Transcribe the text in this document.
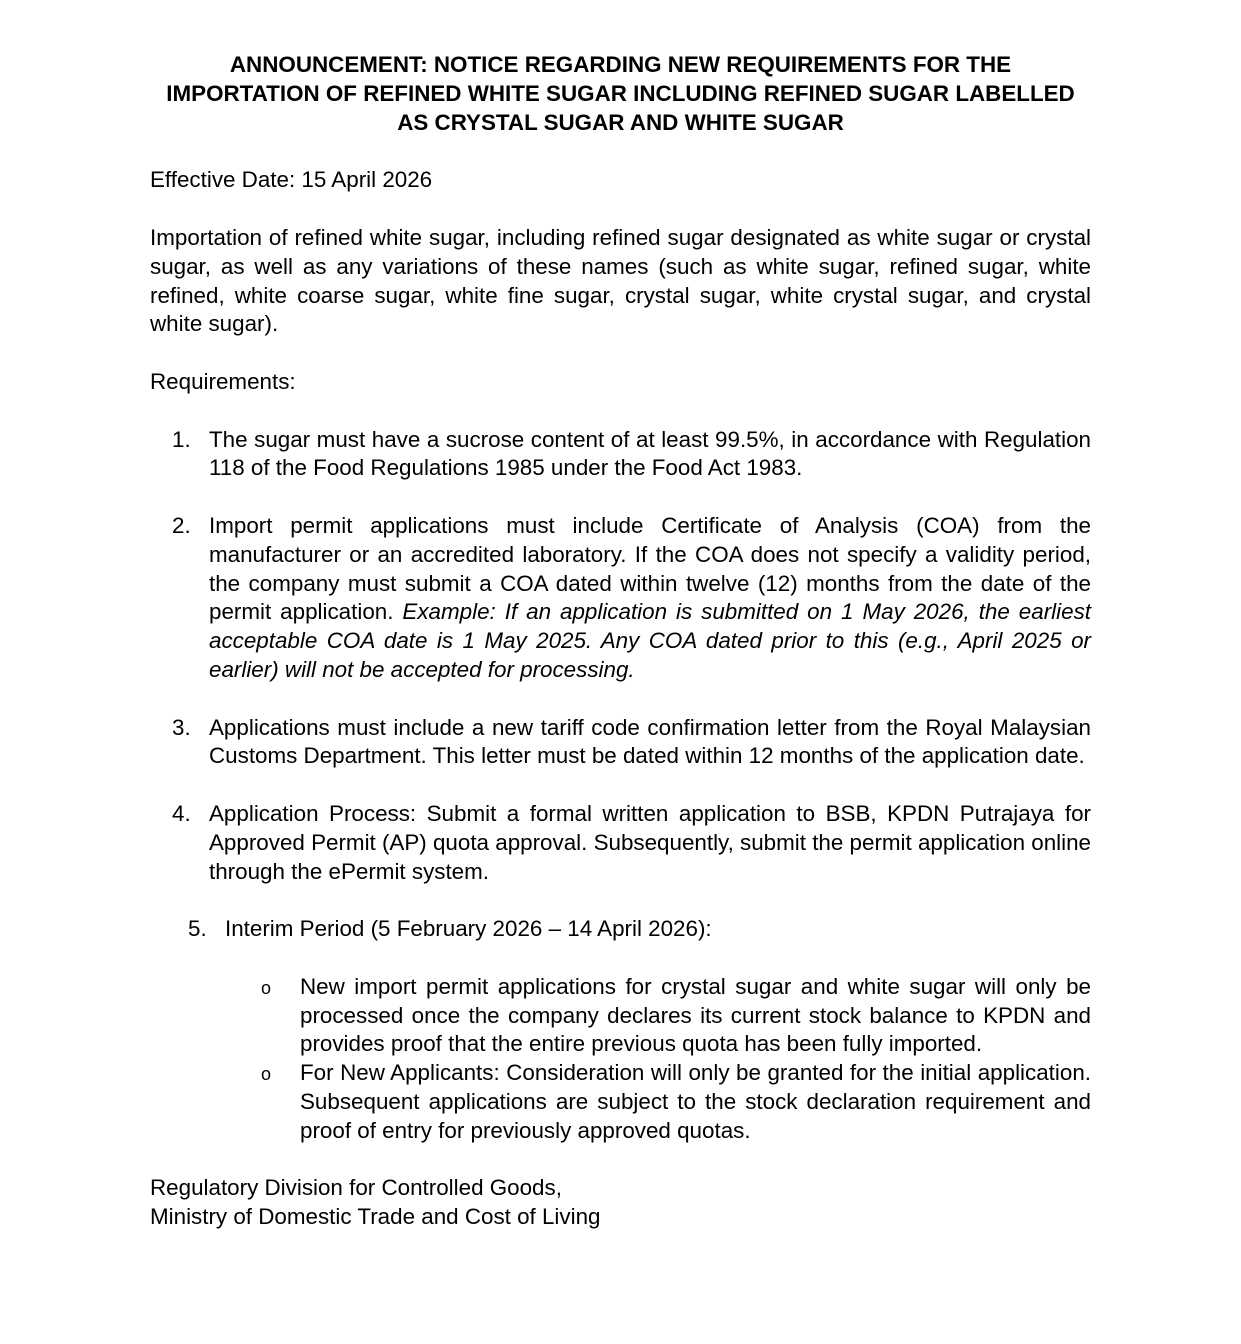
ANNOUNCEMENT: NOTICE REGARDING NEW REQUIREMENTS FOR THE IMPORTATION OF REFINED WHITE SUGAR INCLUDING REFINED SUGAR LABELLED AS CRYSTAL SUGAR AND WHITE SUGAR
Effective Date: 15 April 2026
Importation of refined white sugar, including refined sugar designated as white sugar or crystal sugar, as well as any variations of these names (such as white sugar, refined sugar, white refined, white coarse sugar, white fine sugar, crystal sugar, white crystal sugar, and crystal white sugar).
Requirements:
1. The sugar must have a sucrose content of at least 99.5%, in accordance with Regulation 118 of the Food Regulations 1985 under the Food Act 1983.
2. Import permit applications must include Certificate of Analysis (COA) from the manufacturer or an accredited laboratory. If the COA does not specify a validity period, the company must submit a COA dated within twelve (12) months from the date of the permit application. Example: If an application is submitted on 1 May 2026, the earliest acceptable COA date is 1 May 2025. Any COA dated prior to this (e.g., April 2025 or earlier) will not be accepted for processing.
3. Applications must include a new tariff code confirmation letter from the Royal Malaysian Customs Department. This letter must be dated within 12 months of the application date.
4. Application Process: Submit a formal written application to BSB, KPDN Putrajaya for Approved Permit (AP) quota approval. Subsequently, submit the permit application online through the ePermit system.
5. Interim Period (5 February 2026 – 14 April 2026):
o New import permit applications for crystal sugar and white sugar will only be processed once the company declares its current stock balance to KPDN and provides proof that the entire previous quota has been fully imported.
o For New Applicants: Consideration will only be granted for the initial application. Subsequent applications are subject to the stock declaration requirement and proof of entry for previously approved quotas.
Regulatory Division for Controlled Goods,
Ministry of Domestic Trade and Cost of Living
